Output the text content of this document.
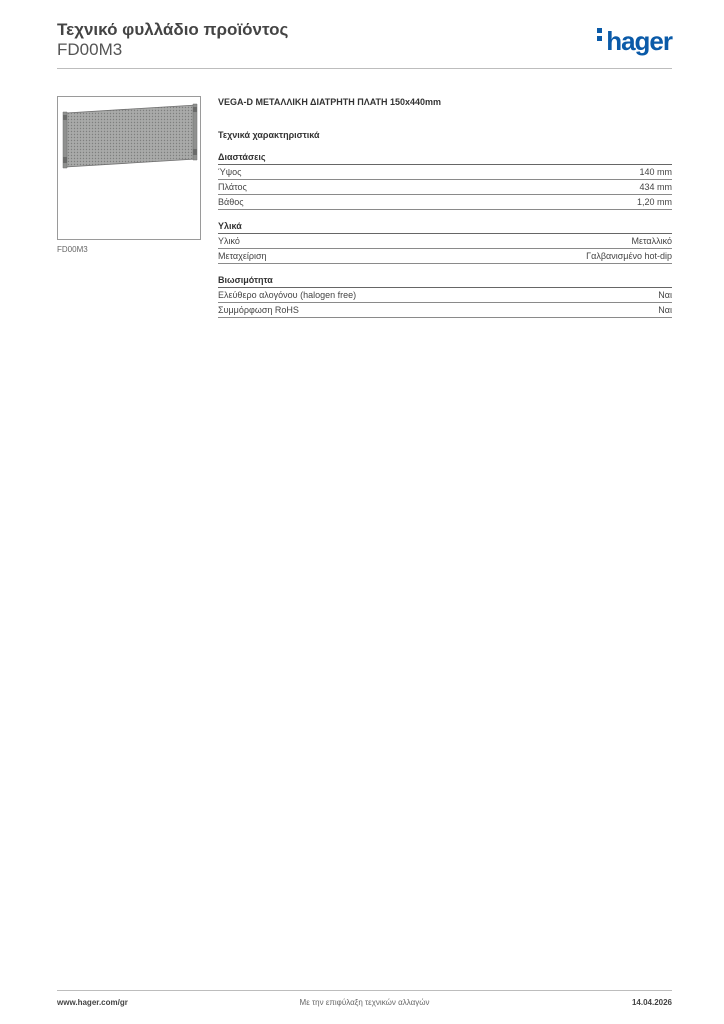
Τεχνικό φυλλάδιο προϊόντος
FD00M3	hager
FD00M3
VEGA-D ΜΕΤΑΛΛΙΚΗ ΔΙΑΤΡΗΤΗ ΠΛΑΤΗ 150x440mm
Τεχνικά χαρακτηριστικά
Διαστάσεις
Ύψος	140 mm
Πλάτος	434 mm
Βάθος	1,20 mm
Υλικά
Υλικό	Μεταλλικό
Μεταχείριση	Γαλβανισμένο hot-dip
Βιωσιμότητα
Ελεύθερο αλογόνου (halogen free)	Ναι
Συμμόρφωση RoHS	Ναι
www.hager.com/gr	Με την επιφύλαξη τεχνικών αλλαγών	14.04.2026
